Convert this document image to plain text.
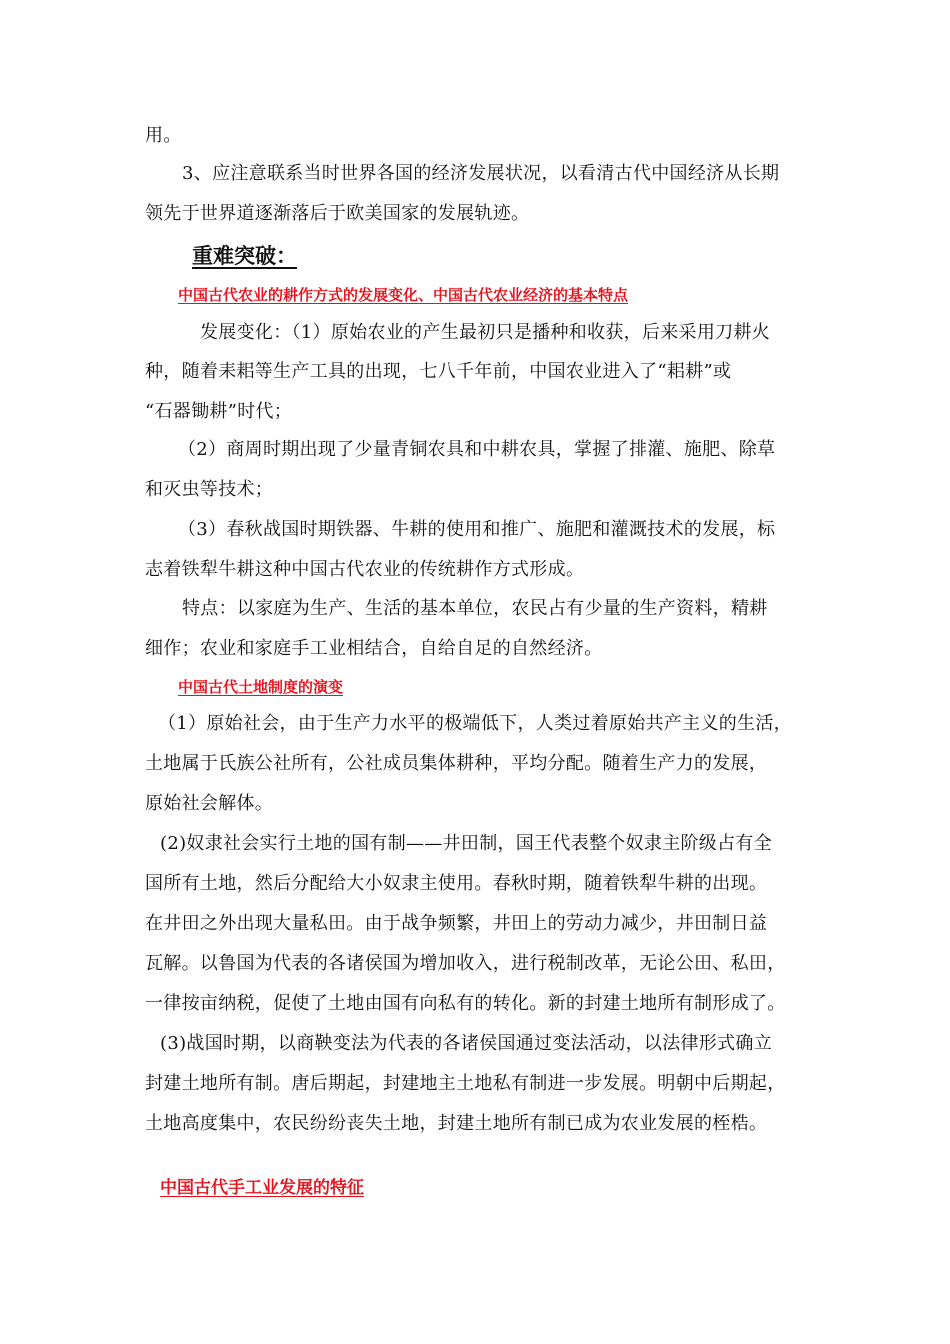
用。
3、应注意联系当时世界各国的经济发展状况，以看清古代中国经济从长期
领先于世界道逐渐落后于欧美国家的发展轨迹。
重难突破：
中国古代农业的耕作方式的发展变化、中国古代农业经济的基本特点
发展变化：（1）原始农业的产生最初只是播种和收获，后来采用刀耕火
种，随着耒耜等生产工具的出现，七八千年前，中国农业进入了“耜耕”或
“石器锄耕”时代；
（2）商周时期出现了少量青铜农具和中耕农具，掌握了排灌、施肥、除草
和灭虫等技术；
（3）春秋战国时期铁器、牛耕的使用和推广、施肥和灌溉技术的发展，标
志着铁犁牛耕这种中国古代农业的传统耕作方式形成。
特点：以家庭为生产、生活的基本单位，农民占有少量的生产资料，精耕
细作；农业和家庭手工业相结合，自给自足的自然经济。
中国古代土地制度的演变
（1）原始社会，由于生产力水平的极端低下，人类过着原始共产主义的生活，
土地属于氏族公社所有，公社成员集体耕种，平均分配。随着生产力的发展，
原始社会解体。
(2)奴隶社会实行土地的国有制——井田制，国王代表整个奴隶主阶级占有全
国所有土地，然后分配给大小奴隶主使用。春秋时期，随着铁犁牛耕的出现。
在井田之外出现大量私田。由于战争频繁，井田上的劳动力减少，井田制日益
瓦解。以鲁国为代表的各诸侯国为增加收入，进行税制改革，无论公田、私田，
一律按亩纳税，促使了土地由国有向私有的转化。新的封建土地所有制形成了。
(3)战国时期，以商鞅变法为代表的各诸侯国通过变法活动，以法律形式确立
封建土地所有制。唐后期起，封建地主土地私有制进一步发展。明朝中后期起，
土地高度集中，农民纷纷丧失土地，封建土地所有制已成为农业发展的桎梏。
中国古代手工业发展的特征
